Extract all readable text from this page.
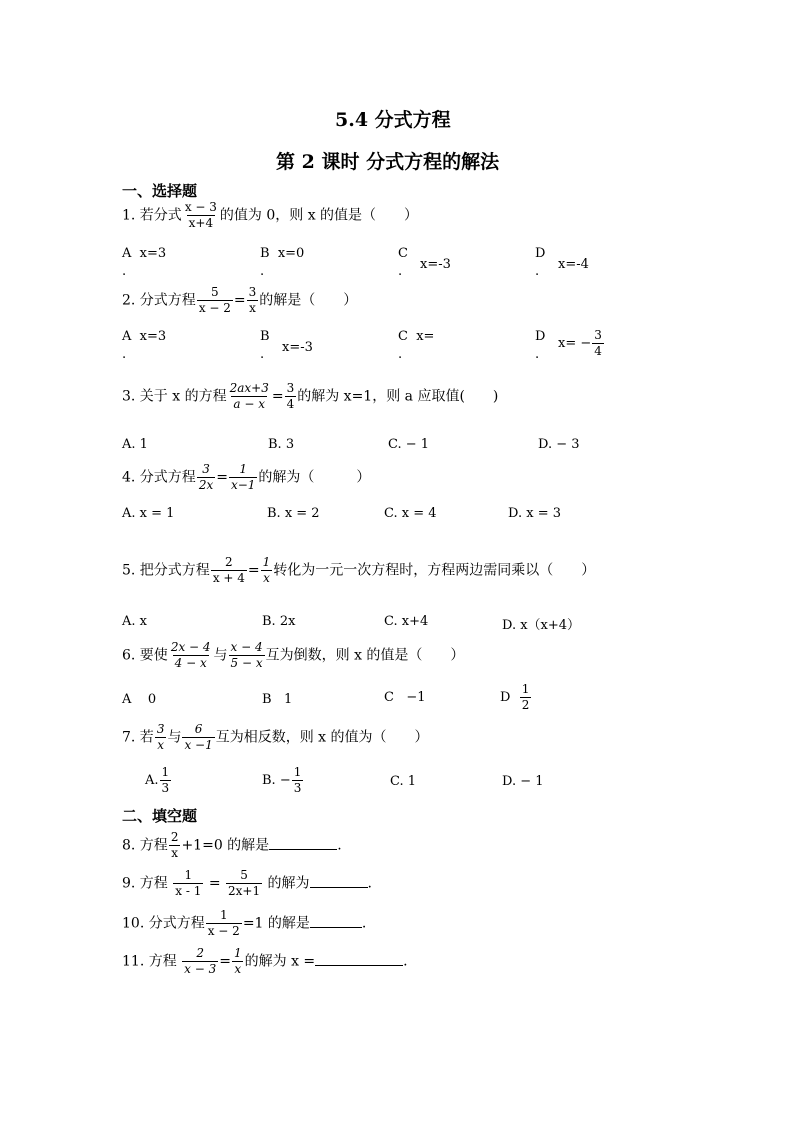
5.4 分式方程
第 2 课时 分式方程的解法
一、选择题
1. 若分式 $\frac{x - 3}{x+4}$ 的值为 0，则 x 的值是（　　）
A x=3
.
B x=0
.
C
x=-3
.
D
x=-4
.
2. 分式方程 $\frac{5}{x - 2} = \frac{3}{x}$ 的解是（　　）
A x=3
.
B
x=-3
.
C x=
.
D $x= - \frac{3}{4}$
.
3. 关于 x 的方程 $\frac{2ax+3}{a - x} = \frac{3}{4}$ 的解为 x=1，则 a 应取值(　　)
A. 1	B. 3	C. − 1	D. − 3
4. 分式方程 $\frac{3}{2x} = \frac{1}{x-1}$ 的解为（　　　）
A. x = 1	B. x = 2	C. x = 4	D. x = 3
5. 把分式方程 $\frac{2}{x + 4} = \frac{1}{x}$ 转化为一元一次方程时，方程两边需同乘以（　　）
A. x	B. 2x	C. x+4	D. x（x+4）
6. 要使 $\frac{2x - 4}{4 - x}$ 与 $\frac{x - 4}{5 - x}$ 互为倒数，则 x 的值是（　　）
A 0	B 1	C −1	D $\frac{1}{2}$
7. 若 $\frac{3}{x}$ 与 $\frac{6}{x -1}$ 互为相反数，则 x 的值为（　　）
A. $\frac{1}{3}$	B. − $\frac{1}{3}$	C. 1	D. − 1
二、填空题
8. 方程 $\frac{2}{x} +1=0$ 的解是	.
9. 方程 $\frac{1}{x - 1} = \frac{5}{2x+1}$ 的解为	.
10. 分式方程 $\frac{1}{x - 2} =1$ 的解是	.
11. 方程 $\frac{2}{x - 3} = \frac{1}{x}$ 的解为 x =	.
